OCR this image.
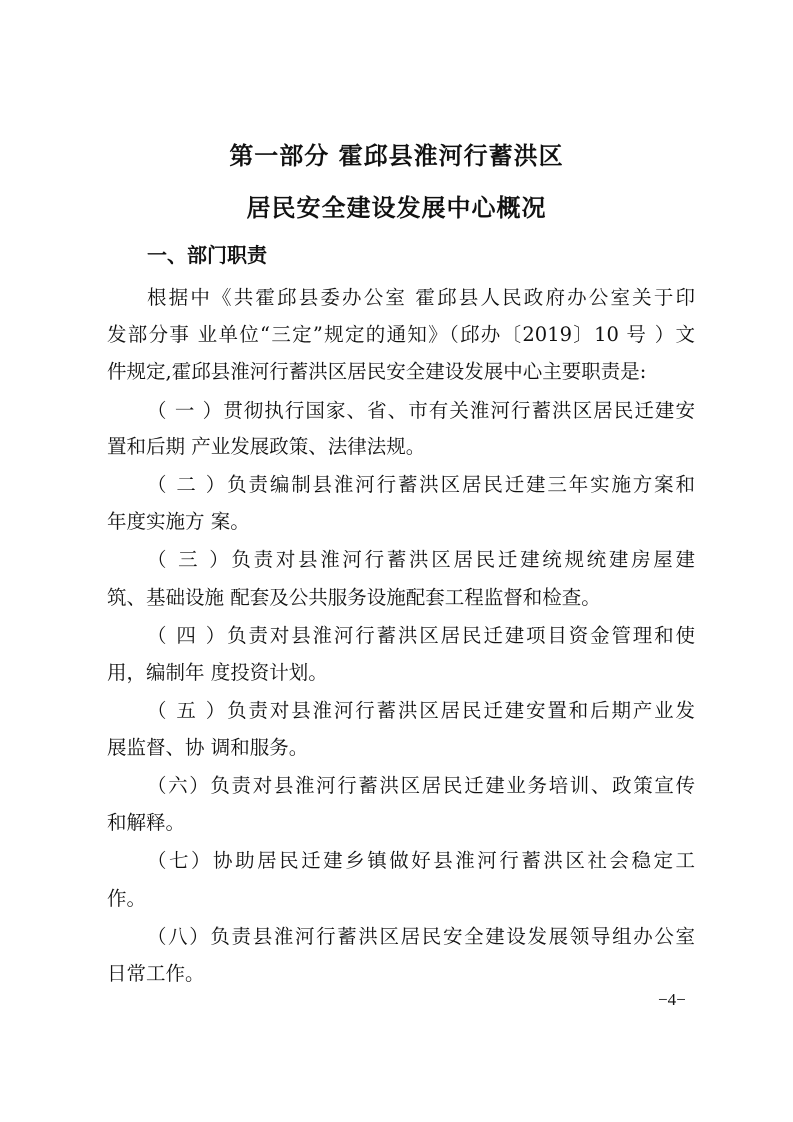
第一部分 霍邱县淮河行蓄洪区
居民安全建设发展中心概况
一、部门职责
根据中《共霍邱县委办公室 霍邱县人民政府办公室关于印
发部分事 业单位“三定”规定的通知》（邱办〔2019〕10 号 ）文
件规定,霍邱县淮河行蓄洪区居民安全建设发展中心主要职责是:
（ 一 ）贯彻执行国家、省、市有关淮河行蓄洪区居民迁建安
置和后期 产业发展政策、法律法规。
（ 二 ）负责编制县淮河行蓄洪区居民迁建三年实施方案和
年度实施方 案。
（ 三 ）负责对县淮河行蓄洪区居民迁建统规统建房屋建
筑、基础设施 配套及公共服务设施配套工程监督和检查。
（ 四 ）负责对县淮河行蓄洪区居民迁建项目资金管理和使
用，编制年 度投资计划。
（ 五 ）负责对县淮河行蓄洪区居民迁建安置和后期产业发
展监督、协 调和服务。
（六）负责对县淮河行蓄洪区居民迁建业务培训、政策宣传
和解释。
（七）协助居民迁建乡镇做好县淮河行蓄洪区社会稳定工
作。
（八）负责县淮河行蓄洪区居民安全建设发展领导组办公室
日常工作。
−4−
